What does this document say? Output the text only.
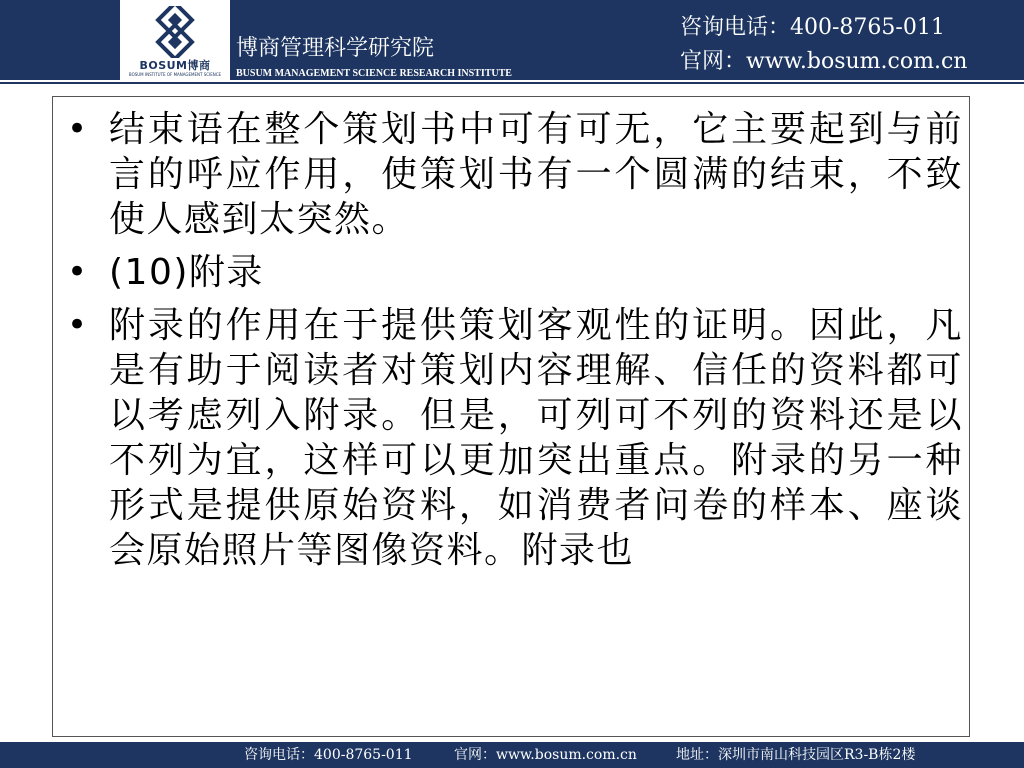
BOSUM博商
BOSUM INSTITUTE OF MANAGEMENT SCIENCE
博商管理科学研究院
BUSUM MANAGEMENT SCIENCE RESEARCH INSTITUTE
咨询电话：400-8765-011
官网：www.bosum.com.cn
• 结束语在整个策划书中可有可无，它主要起到与前言的呼应作用，使策划书有一个圆满的结束，不致使人感到太突然。
• (10)附录
• 附录的作用在于提供策划客观性的证明。因此，凡是有助于阅读者对策划内容理解、信任的资料都可以考虑列入附录。但是，可列可不列的资料还是以不列为宜，这样可以更加突出重点。附录的另一种形式是提供原始资料，如消费者问卷的样本、座谈会原始照片等图像资料。附录也
咨询电话：400-8765-011	官网：www.bosum.com.cn	地址：深圳市南山科技园区R3-B栋2楼
